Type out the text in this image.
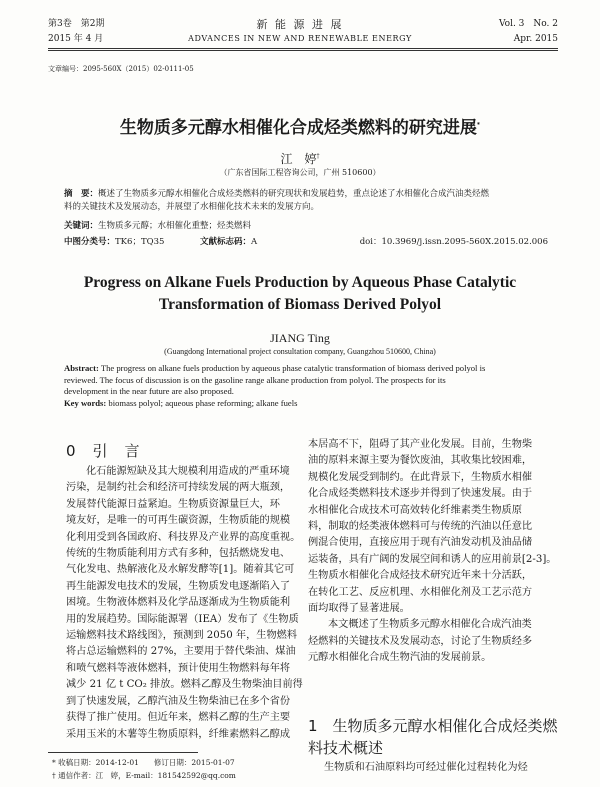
第3卷　第2期	新 能 源 进 展	Vol. 3　No. 2
2015 年 4 月	ADVANCES IN NEW AND RENEWABLE ENERGY	Apr. 2015
文章编号：2095-560X（2015）02-0111-05
生物质多元醇水相催化合成烃类燃料的研究进展*
江　婷†
（广东省国际工程咨询公司，广州 510600）
摘　要：概述了生物质多元醇水相催化合成烃类燃料的研究现状和发展趋势，重点论述了水相催化合成汽油类烃燃
料的关键技术及发展动态，并展望了水相催化技术未来的发展方向。
关键词：生物质多元醇；水相催化重整；烃类燃料
中图分类号：TK6；TQ35	文献标志码：A	doi：10.3969/j.issn.2095-560X.2015.02.006
Progress on Alkane Fuels Production by Aqueous Phase Catalytic
Transformation of Biomass Derived Polyol
JIANG Ting
(Guangdong International project consultation company, Guangzhou 510600, China)
Abstract: The progress on alkane fuels production by aqueous phase catalytic transformation of biomass derived polyol is
reviewed. The focus of discussion is on the gasoline range alkane production from polyol. The prospects for its
development in the near future are also proposed.
Key words: biomass polyol; aqueous phase reforming; alkane fuels
0　引　言
化石能源短缺及其大规模利用造成的严重环境
污染，是制约社会和经济可持续发展的两大瓶颈，
发展替代能源日益紧迫。生物质资源量巨大，环
境友好，是唯一的可再生碳资源，生物质能的规模
化利用受到各国政府、科技界及产业界的高度重视。
传统的生物质能利用方式有多种，包括燃烧发电、
气化发电、热解液化及水解发酵等[1]。随着其它可
再生能源发电技术的发展，生物质发电逐渐陷入了
困境。生物液体燃料及化学品逐渐成为生物质能利
用的发展趋势。国际能源署（IEA）发布了《生物质
运输燃料技术路线图》，预测到 2050 年，生物燃料
将占总运输燃料的 27%，主要用于替代柴油、煤油
和喷气燃料等液体燃料，预计使用生物燃料每年将
减少 21 亿 t CO₂ 排放。燃料乙醇及生物柴油目前得
到了快速发展，乙醇汽油及生物柴油已在多个省份
获得了推广使用。但近年来，燃料乙醇的生产主要
采用玉米的木薯等生物质原料，纤维素燃料乙醇成
本居高不下，阻碍了其产业化发展。目前，生物柴
油的原料来源主要为餐饮废油，其收集比较困难，
规模化发展受到制约。在此背景下，生物质水相催
化合成烃类燃料技术逐步并得到了快速发展。由于
水相催化合成技术可高效转化纤维素类生物质原
料，制取的烃类液体燃料可与传统的汽油以任意比
例混合使用，直接应用于现有汽油发动机及油品储
运装备，具有广阔的发展空间和诱人的应用前景[2-3]。
生物质水相催化合成烃技术研究近年来十分活跃，
在转化工艺、反应机理、水相催化剂及工艺示范方
面均取得了显著进展。
本文概述了生物质多元醇水相催化合成汽油类
烃燃料的关键技术及发展动态，讨论了生物质经多
元醇水相催化合成生物汽油的发展前景。
1　生物质多元醇水相催化合成烃类燃
料技术概述
生物质和石油原料均可经过催化过程转化为烃
* 收稿日期：2014-12-01　　修订日期：2015-01-07
† 通信作者：江　婷，E-mail：181542592@qq.com
